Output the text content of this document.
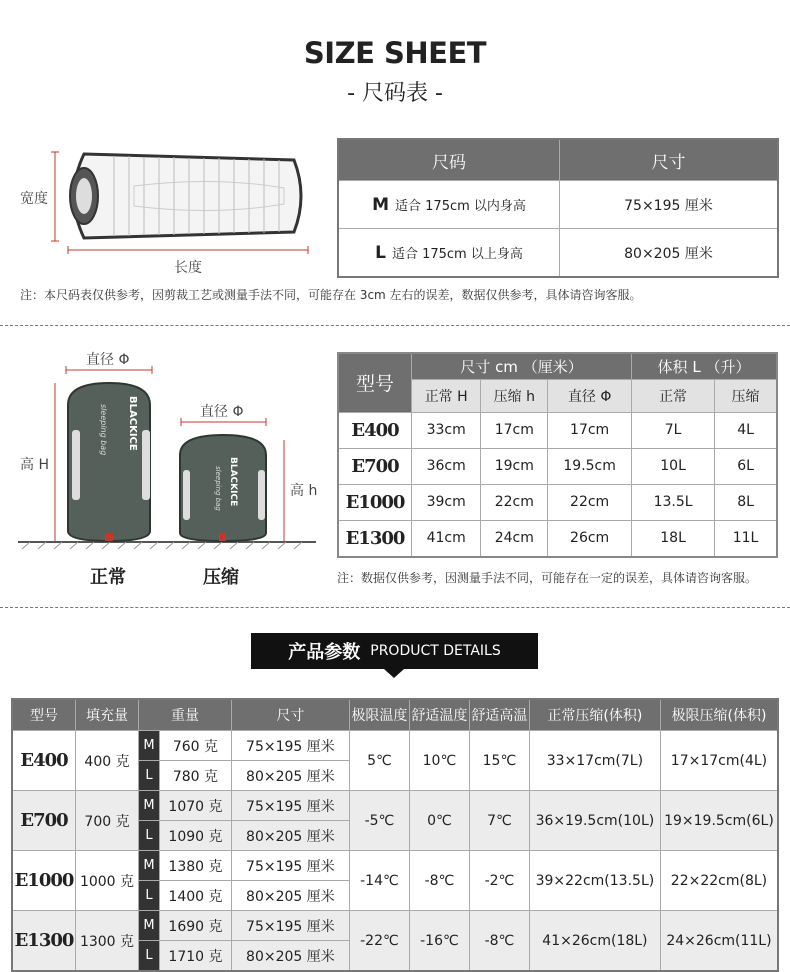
SIZE SHEET
- 尺码表 -
宽度
长度
尺码	尺寸
M 适合 175cm 以内身高	75×195 厘米
L 适合 175cm 以上身高	80×205 厘米
注：本尺码表仅供参考，因剪裁工艺或测量手法不同，可能存在 3cm 左右的误差，数据仅供参考，具体请咨询客服。
BLACKICE
sleeping bag
BLACKICE
sleeping bag
直径 Φ
直径 Φ
高 H
高 h
正常	压缩
型号	尺寸 cm （厘米）			体积 L （升）	
	正常 H	压缩 h	直径 Φ	正常	压缩
E400	33cm	17cm	17cm	7L	4L
E700	36cm	19cm	19.5cm	10L	6L
E1000	39cm	22cm	22cm	13.5L	8L
E1300	41cm	24cm	26cm	18L	11L
注：数据仅供参考，因测量手法不同，可能存在一定的误差，具体请咨询客服。
产品参数 PRODUCT DETAILS
型号	填充量	重量		尺寸	极限温度	舒适温度	舒适高温	正常压缩(体积)	极限压缩(体积)
E400	400 克	M	760 克	75×195 厘米	5℃	10℃	15℃	33×17cm(7L)	17×17cm(4L)
		L	780 克	80×205 厘米					
E700	700 克	M	1070 克	75×195 厘米	-5℃	0℃	7℃	36×19.5cm(10L)	19×19.5cm(6L)
		L	1090 克	80×205 厘米					
E1000	1000 克	M	1380 克	75×195 厘米	-14℃	-8℃	-2℃	39×22cm(13.5L)	22×22cm(8L)
		L	1400 克	80×205 厘米					
E1300	1300 克	M	1690 克	75×195 厘米	-22℃	-16℃	-8℃	41×26cm(18L)	24×26cm(11L)
		L	1710 克	80×205 厘米					
